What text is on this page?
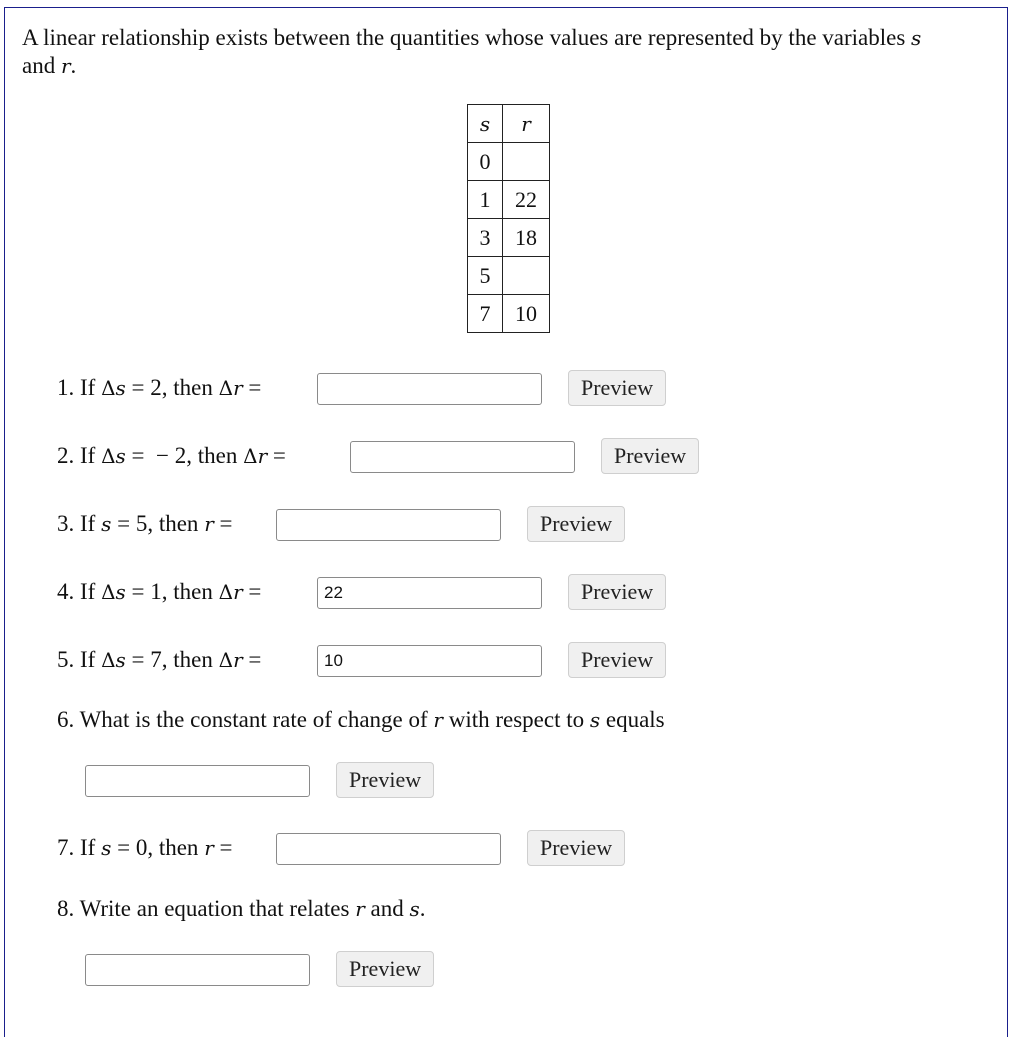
A linear relationship exists between the quantities whose values are represented by the variables s
and r.
s	r
0	
1	22
3	18
5	
7	10
1. If
Δ s
=
2, then
Δ r
=	Preview
2. If
Δ s
=
− 2, then
Δ r
=	Preview
3. If
s
=
5, then
r
=	Preview
4. If
Δ s
=
1, then
Δ r
=
22	Preview
5. If
Δ s
=
7, then
Δ r
=
10	Preview
6. What is the constant rate of change of
r
with respect to
s
equals
Preview
7. If
s
=
0, then
r
=	Preview
8. Write an equation that relates
r
and
s .
Preview
